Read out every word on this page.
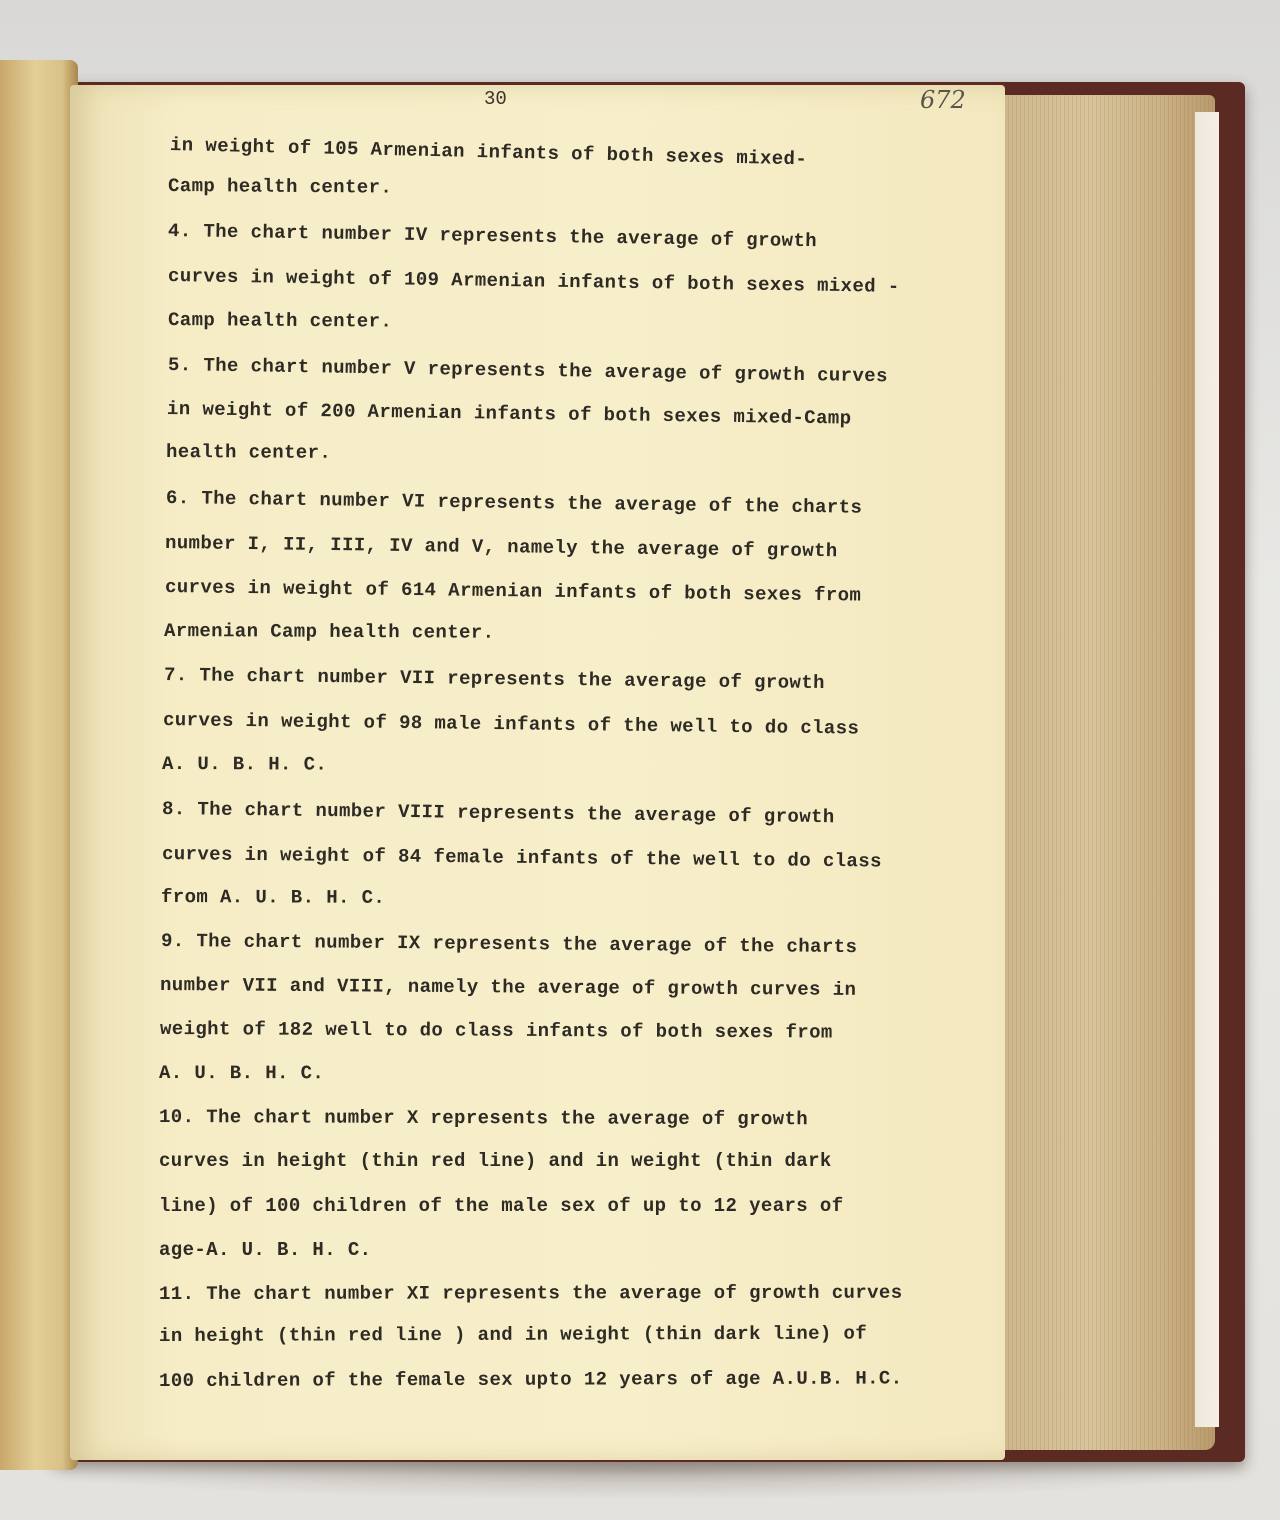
30	672
in weight of 105 Armenian infants of both sexes mixed-
Camp health center.
4. The chart number IV represents the average of growth
curves in weight of 109 Armenian infants of both sexes mixed -
Camp health center.
5. The chart number V represents the average of growth curves
in weight of 200 Armenian infants of both sexes mixed-Camp
health center.
6. The chart number VI represents the average of the charts
number I, II, III, IV and V, namely the average of growth
curves in weight of 614 Armenian infants of both sexes from
Armenian Camp health center.
7. The chart number VII represents the average of growth
curves in weight of 98 male infants of the well to do class
A. U. B. H. C.
8. The chart number VIII represents the average of growth
curves in weight of 84 female infants of the well to do class
from A. U. B. H. C.
9. The chart number IX represents the average of the charts
number VII and VIII, namely the average of growth curves in
weight of 182 well to do class infants of both sexes from
A. U. B. H. C.
10. The chart number X represents the average of growth
curves in height (thin red line) and in weight (thin dark
line) of 100 children of the male sex of up to 12 years of
age-A. U. B. H. C.
11. The chart number XI represents the average of growth curves
in height (thin red line ) and in weight (thin dark line) of
100 children of the female sex upto 12 years of age A.U.B. H.C.
